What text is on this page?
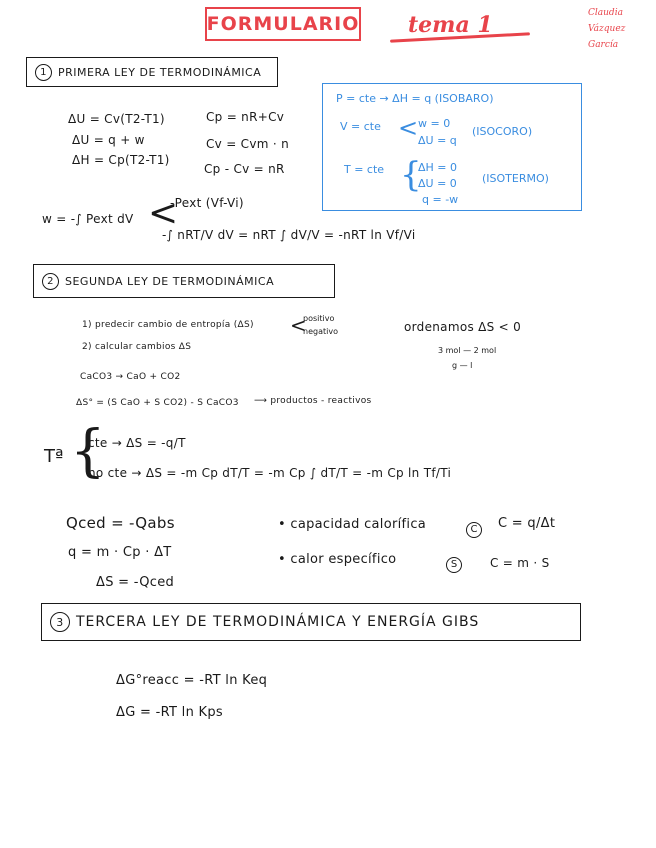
FORMULARIO tema 1	Claudia
Vázquez
García
1	PRIMERA LEY DE TERMODINÁMICA
ΔU = Cv(T2-T1)
ΔU = q + w
ΔH = Cp(T2-T1)
Cp = nR+Cv
Cv = Cvm · n
Cp - Cv = nR
w = -∫ Pext dV <
-Pext (Vf-Vi)
-∫ nRT/V dV = nRT ∫ dV/V = -nRT ln Vf/Vi
P = cte → ΔH = q (ISOBARO)
V = cte < w = 0
ΔU = q
(ISOCORO)
T = cte {
ΔH = 0
ΔU = 0
q = -w
(ISOTERMO)
2	SEGUNDA LEY DE TERMODINÁMICA
1) predecir cambio de entropía (ΔS) <
positivo
negativo	ordenamos ΔS < 0
2) calcular cambios ΔS	3 mol — 2 mol
g — l
CaCO3 → CaO + CO2
ΔS° = (S CaO + S CO2) - S CaCO3 ⟶ productos - reactivos
Tª {
cte → ΔS = -q/T
no cte → ΔS = -m Cp dT/T = -m Cp ∫ dT/T = -m Cp ln Tf/Ti
Qced = -Qabs
q = m · Cp · ΔT
ΔS = -Qced
• capacidad calorífica	C	C = q/Δt
• calor específico	S	C = m · S
3 TERCERA LEY DE TERMODINÁMICA Y ENERGÍA GIBS
ΔG°reacc = -RT ln Keq
ΔG = -RT ln Kps
